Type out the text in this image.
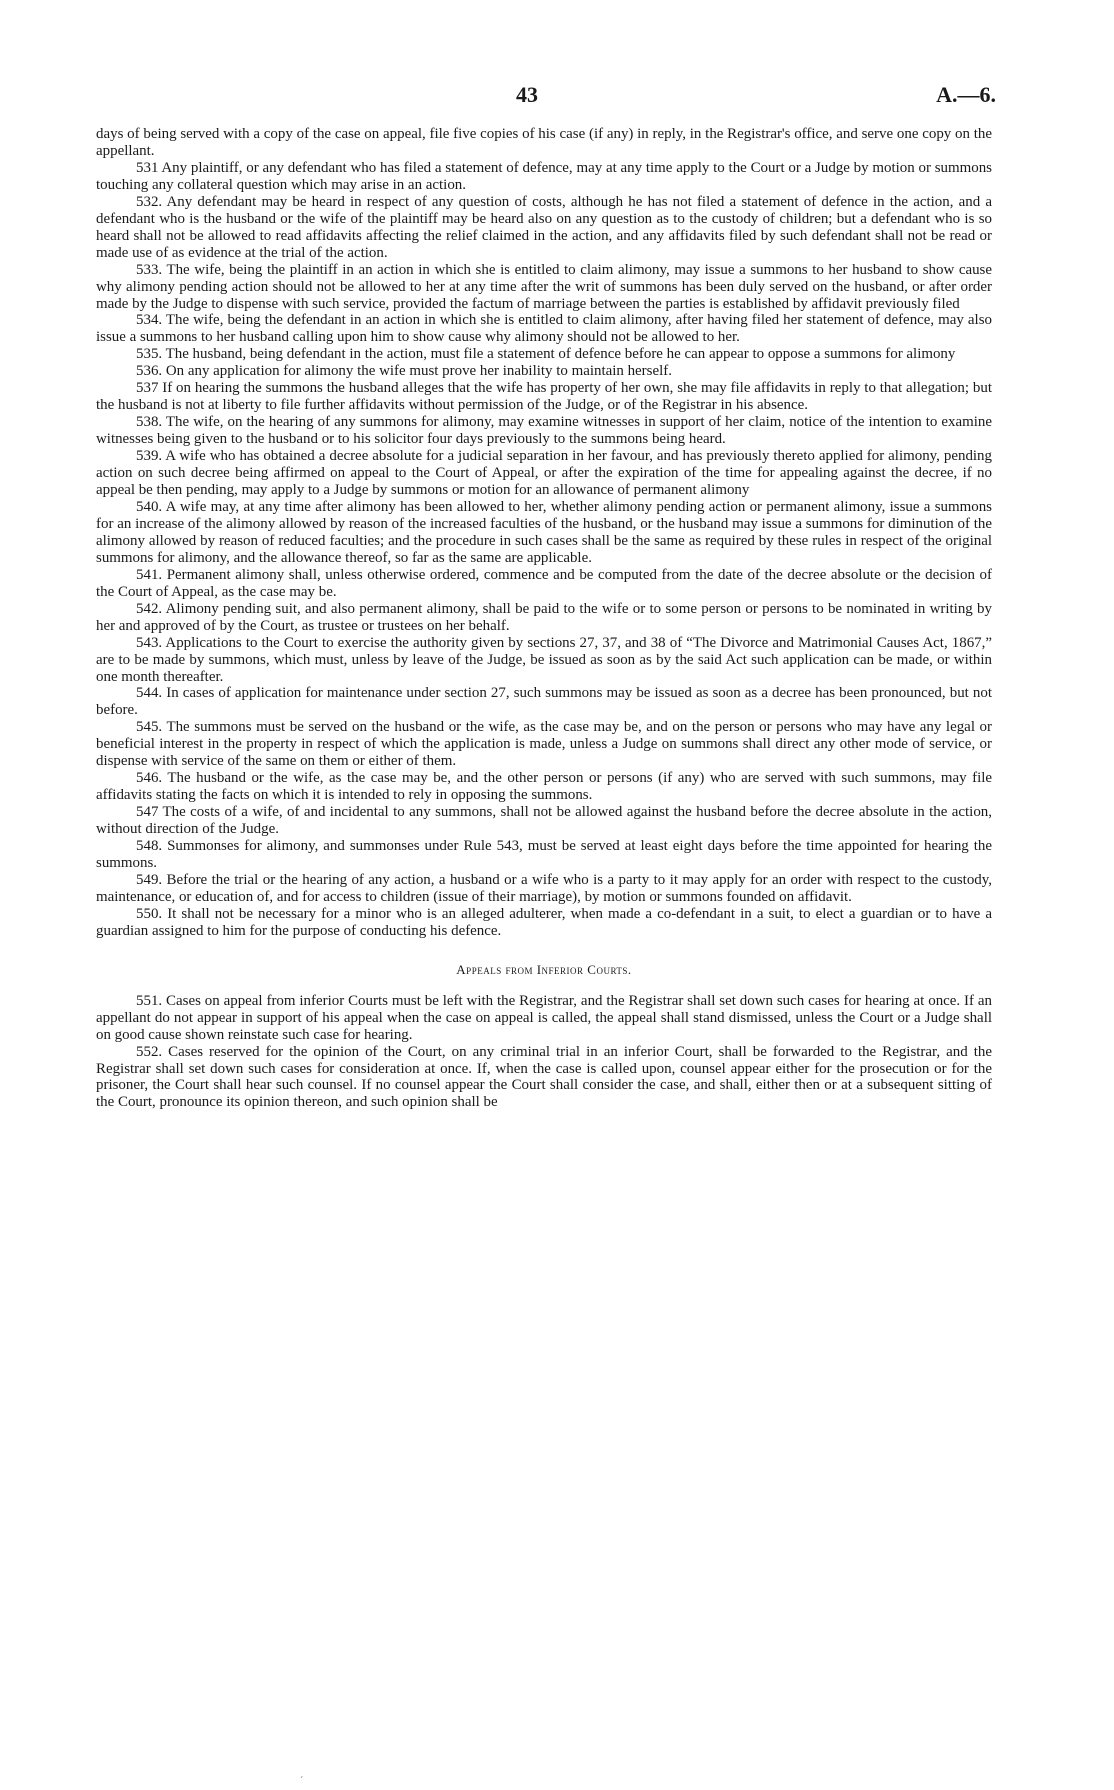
43	A.—6.

days of being served with a copy of the case on appeal, file five copies of his case (if any) in reply, in the Registrar's office, and serve one copy on the appellant.

531 Any plaintiff, or any defendant who has filed a statement of defence, may at any time apply to the Court or a Judge by motion or summons touching any collateral question which may arise in an action.

532. Any defendant may be heard in respect of any question of costs, although he has not filed a statement of defence in the action, and a defendant who is the husband or the wife of the plaintiff may be heard also on any question as to the custody of children; but a defendant who is so heard shall not be allowed to read affidavits affecting the relief claimed in the action, and any affidavits filed by such defendant shall not be read or made use of as evidence at the trial of the action.

533. The wife, being the plaintiff in an action in which she is entitled to claim alimony, may issue a summons to her husband to show cause why alimony pending action should not be allowed to her at any time after the writ of summons has been duly served on the husband, or after order made by the Judge to dispense with such service, provided the factum of marriage between the parties is established by affidavit previously filed

534. The wife, being the defendant in an action in which she is entitled to claim alimony, after having filed her statement of defence, may also issue a summons to her husband calling upon him to show cause why alimony should not be allowed to her.

535. The husband, being defendant in the action, must file a statement of defence before he can appear to oppose a summons for alimony

536. On any application for alimony the wife must prove her inability to maintain herself.

537 If on hearing the summons the husband alleges that the wife has property of her own, she may file affidavits in reply to that allegation; but the husband is not at liberty to file further affidavits without permission of the Judge, or of the Registrar in his absence.

538. The wife, on the hearing of any summons for alimony, may examine witnesses in support of her claim, notice of the intention to examine witnesses being given to the husband or to his solicitor four days previously to the summons being heard.

539. A wife who has obtained a decree absolute for a judicial separation in her favour, and has previously thereto applied for alimony, pending action on such decree being affirmed on appeal to the Court of Appeal, or after the expiration of the time for appealing against the decree, if no appeal be then pending, may apply to a Judge by summons or motion for an allowance of permanent alimony

540. A wife may, at any time after alimony has been allowed to her, whether alimony pending action or permanent alimony, issue a summons for an increase of the alimony allowed by reason of the increased faculties of the husband, or the husband may issue a summons for diminution of the alimony allowed by reason of reduced faculties; and the procedure in such cases shall be the same as required by these rules in respect of the original summons for alimony, and the allowance thereof, so far as the same are applicable.

541. Permanent alimony shall, unless otherwise ordered, commence and be computed from the date of the decree absolute or the decision of the Court of Appeal, as the case may be.

542. Alimony pending suit, and also permanent alimony, shall be paid to the wife or to some person or persons to be nominated in writing by her and approved of by the Court, as trustee or trustees on her behalf.

543. Applications to the Court to exercise the authority given by sections 27, 37, and 38 of “The Divorce and Matrimonial Causes Act, 1867,” are to be made by summons, which must, unless by leave of the Judge, be issued as soon as by the said Act such application can be made, or within one month thereafter.

544. In cases of application for maintenance under section 27, such summons may be issued as soon as a decree has been pronounced, but not before.

545. The summons must be served on the husband or the wife, as the case may be, and on the person or persons who may have any legal or beneficial interest in the property in respect of which the application is made, unless a Judge on summons shall direct any other mode of service, or dispense with service of the same on them or either of them.

546. The husband or the wife, as the case may be, and the other person or persons (if any) who are served with such summons, may file affidavits stating the facts on which it is intended to rely in opposing the summons.

547 The costs of a wife, of and incidental to any summons, shall not be allowed against the husband before the decree absolute in the action, without direction of the Judge.

548. Summonses for alimony, and summonses under Rule 543, must be served at least eight days before the time appointed for hearing the summons.

549. Before the trial or the hearing of any action, a husband or a wife who is a party to it may apply for an order with respect to the custody, maintenance, or education of, and for access to children (issue of their marriage), by motion or summons founded on affidavit.

550. It shall not be necessary for a minor who is an alleged adulterer, when made a co-defendant in a suit, to elect a guardian or to have a guardian assigned to him for the purpose of conducting his defence.

Appeals from Inferior Courts.

551. Cases on appeal from inferior Courts must be left with the Registrar, and the Registrar shall set down such cases for hearing at once. If an appellant do not appear in support of his appeal when the case on appeal is called, the appeal shall stand dismissed, unless the Court or a Judge shall on good cause shown reinstate such case for hearing.

552. Cases reserved for the opinion of the Court, on any criminal trial in an inferior Court, shall be forwarded to the Registrar, and the Registrar shall set down such cases for consideration at once. If, when the case is called upon, counsel appear either for the prosecution or for the prisoner, the Court shall hear such counsel. If no counsel appear the Court shall consider the case, and shall, either then or at a subsequent sitting of the Court, pronounce its opinion thereon, and such opinion shall be

´
